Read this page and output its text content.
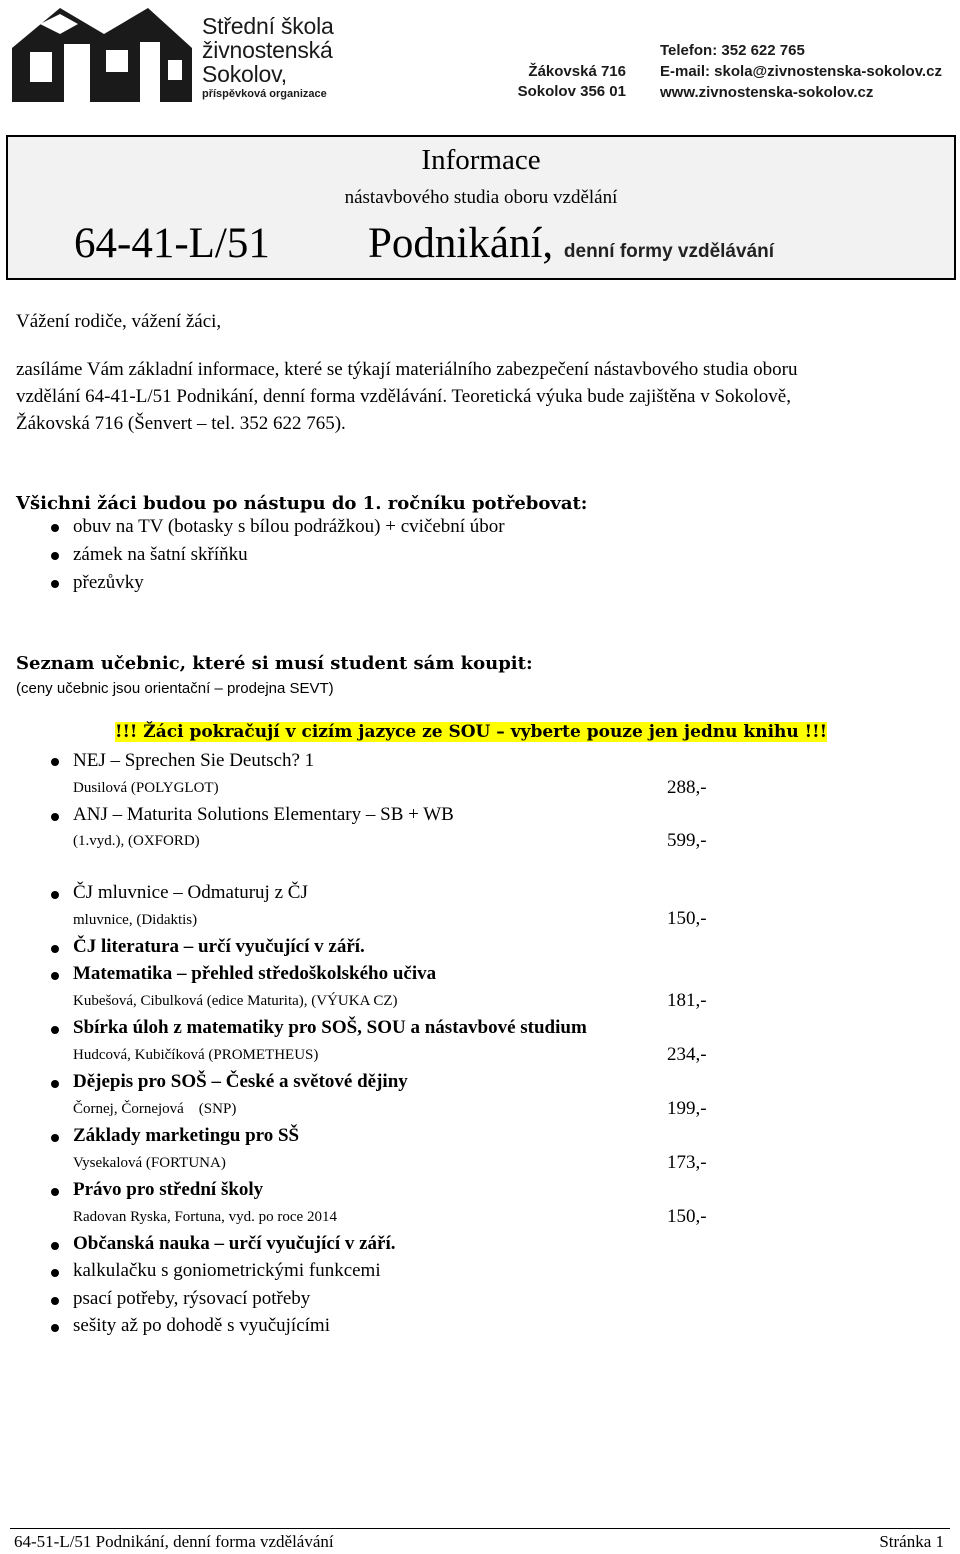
Střední škola
živnostenská
Sokolov,
příspěvková organizace
Žákovská 716
Sokolov 356 01
Telefon: 352 622 765
E-mail: skola@zivnostenska-sokolov.cz
www.zivnostenska-sokolov.cz
Informace
nástavbového studia oboru vzdělání
64-41-L/51 Podnikání, denní formy vzdělávání
Vážení rodiče, vážení žáci,
zasíláme Vám základní informace, které se týkají materiálního zabezpečení nástavbového studia oboru
vzdělání 64-41-L/51 Podnikání, denní forma vzdělávání. Teoretická výuka bude zajištěna v Sokolově,
Žákovská 716 (Šenvert – tel. 352 622 765).
Všichni žáci budou po nástupu do 1. ročníku potřebovat:
obuv na TV (botasky s bílou podrážkou) + cvičební úbor
zámek na šatní skříňku
přezůvky
Seznam učebnic, které si musí student sám koupit:
(ceny učebnic jsou orientační – prodejna SEVT)
!!! Žáci pokračují v cizím jazyce ze SOU – vyberte pouze jen jednu knihu !!!
NEJ – Sprechen Sie Deutsch? 1
Dusilová (POLYGLOT)	288,-
ANJ – Maturita Solutions Elementary – SB + WB
(1.vyd.), (OXFORD)	599,-
ČJ mluvnice – Odmaturuj z ČJ
mluvnice, (Didaktis)	150,-
ČJ literatura – určí vyučující v září.
Matematika – přehled středoškolského učiva
Kubešová, Cibulková (edice Maturita), (VÝUKA CZ)	181,-
Sbírka úloh z matematiky pro SOŠ, SOU a nástavbové studium
Hudcová, Kubičíková (PROMETHEUS)	234,-
Dějepis pro SOŠ – České a světové dějiny
Čornej, Čornejová    (SNP)	199,-
Základy marketingu pro SŠ
Vysekalová (FORTUNA)	173,-
Právo pro střední školy
Radovan Ryska, Fortuna, vyd. po roce 2014	150,-
Občanská nauka – určí vyučující v září.
kalkulačku s goniometrickými funkcemi
psací potřeby, rýsovací potřeby
sešity až po dohodě s vyučujícími
64-51-L/51 Podnikání, denní forma vzdělávání	Stránka 1
